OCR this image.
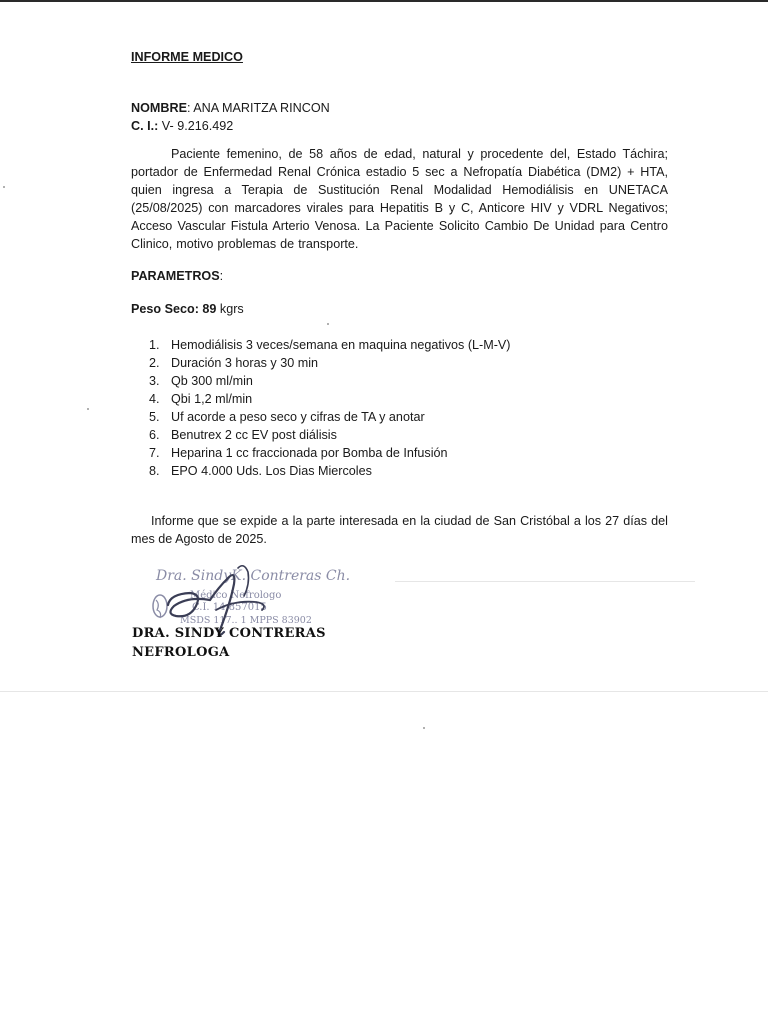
INFORME MEDICO
NOMBRE: ANA MARITZA RINCON
C. I.: V- 9.216.492

Paciente femenino, de 58 años de edad, natural y procedente del, Estado Táchira; portador de Enfermedad Renal Crónica estadio 5 sec a Nefropatía Diabética (DM2) + HTA, quien ingresa a Terapia de Sustitución Renal Modalidad Hemodiálisis en UNETACA (25/08/2025) con marcadores virales para Hepatitis B y C, Anticore HIV y VDRL Negativos; Acceso Vascular Fistula Arterio Venosa. La Paciente Solicito Cambio De Unidad para Centro Clinico, motivo problemas de transporte.

PARAMETROS:
Peso Seco: 89 kgrs
1. Hemodiálisis 3 veces/semana en maquina negativos (L-M-V)
2. Duración 3 horas y 30 min
3. Qb 300 ml/min
4. Qbi 1,2 ml/min
5. Uf acorde a peso seco y cifras de TA y anotar
6. Benutrex 2 cc EV post diálisis
7. Heparina 1 cc fraccionada por Bomba de Infusión
8. EPO 4.000 Uds. Los Dias Miercoles

Informe que se expide a la parte interesada en la ciudad de San Cristóbal a los 27 días del mes de Agosto de 2025.

Dra. SindyK. Contreras Ch.
Médico Nefrologo
C.I. 14.857015
MSDS 117.. 1 MPPS 83902
DRA. SINDY CONTRERAS
NEFROLOGA
